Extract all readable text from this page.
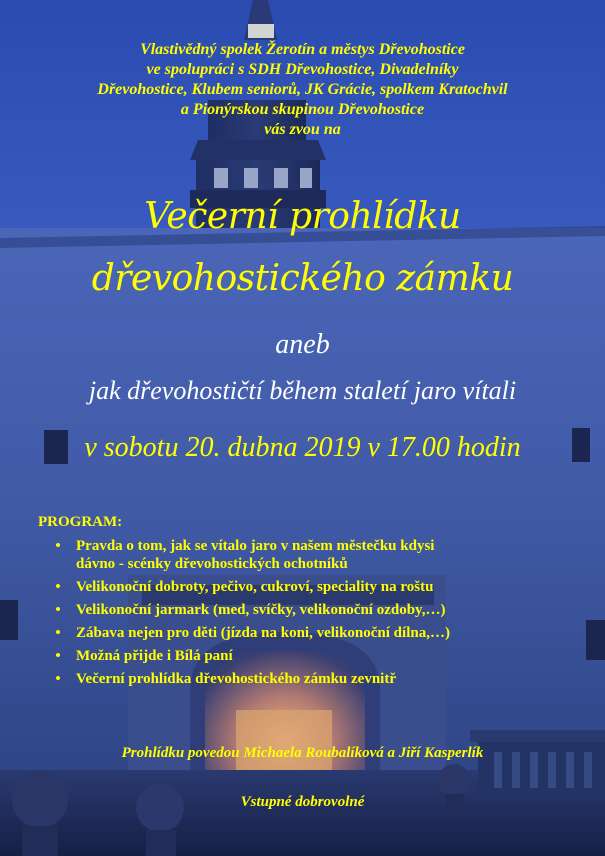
Vlastivědný spolek Žerotín a městys Dřevohostice
ve spolupráci s SDH Dřevohostice, Divadelníky
Dřevohostice, Klubem seniorů, JK Grácie, spolkem Kratochvil
a Pionýrskou skupinou Dřevohostice
vás zvou na
Večerní prohlídku
dřevohostického zámku
aneb
jak dřevohostičtí během staletí jaro vítali
v sobotu 20. dubna 2019 v 17.00 hodin
PROGRAM:
• Pravda o tom, jak se vítalo jaro v našem městečku kdysi
dávno - scénky dřevohostických ochotníků
• Velikonoční dobroty, pečivo, cukroví, speciality na roštu
• Velikonoční jarmark (med, svíčky, velikonoční ozdoby,…)
• Zábava nejen pro děti (jízda na koni, velikonoční dílna,…)
• Možná přijde i Bílá paní
• Večerní prohlídka dřevohostického zámku zevnitř
Prohlídku povedou Michaela Roubalíková a Jiří Kasperlík
Vstupné dobrovolné
